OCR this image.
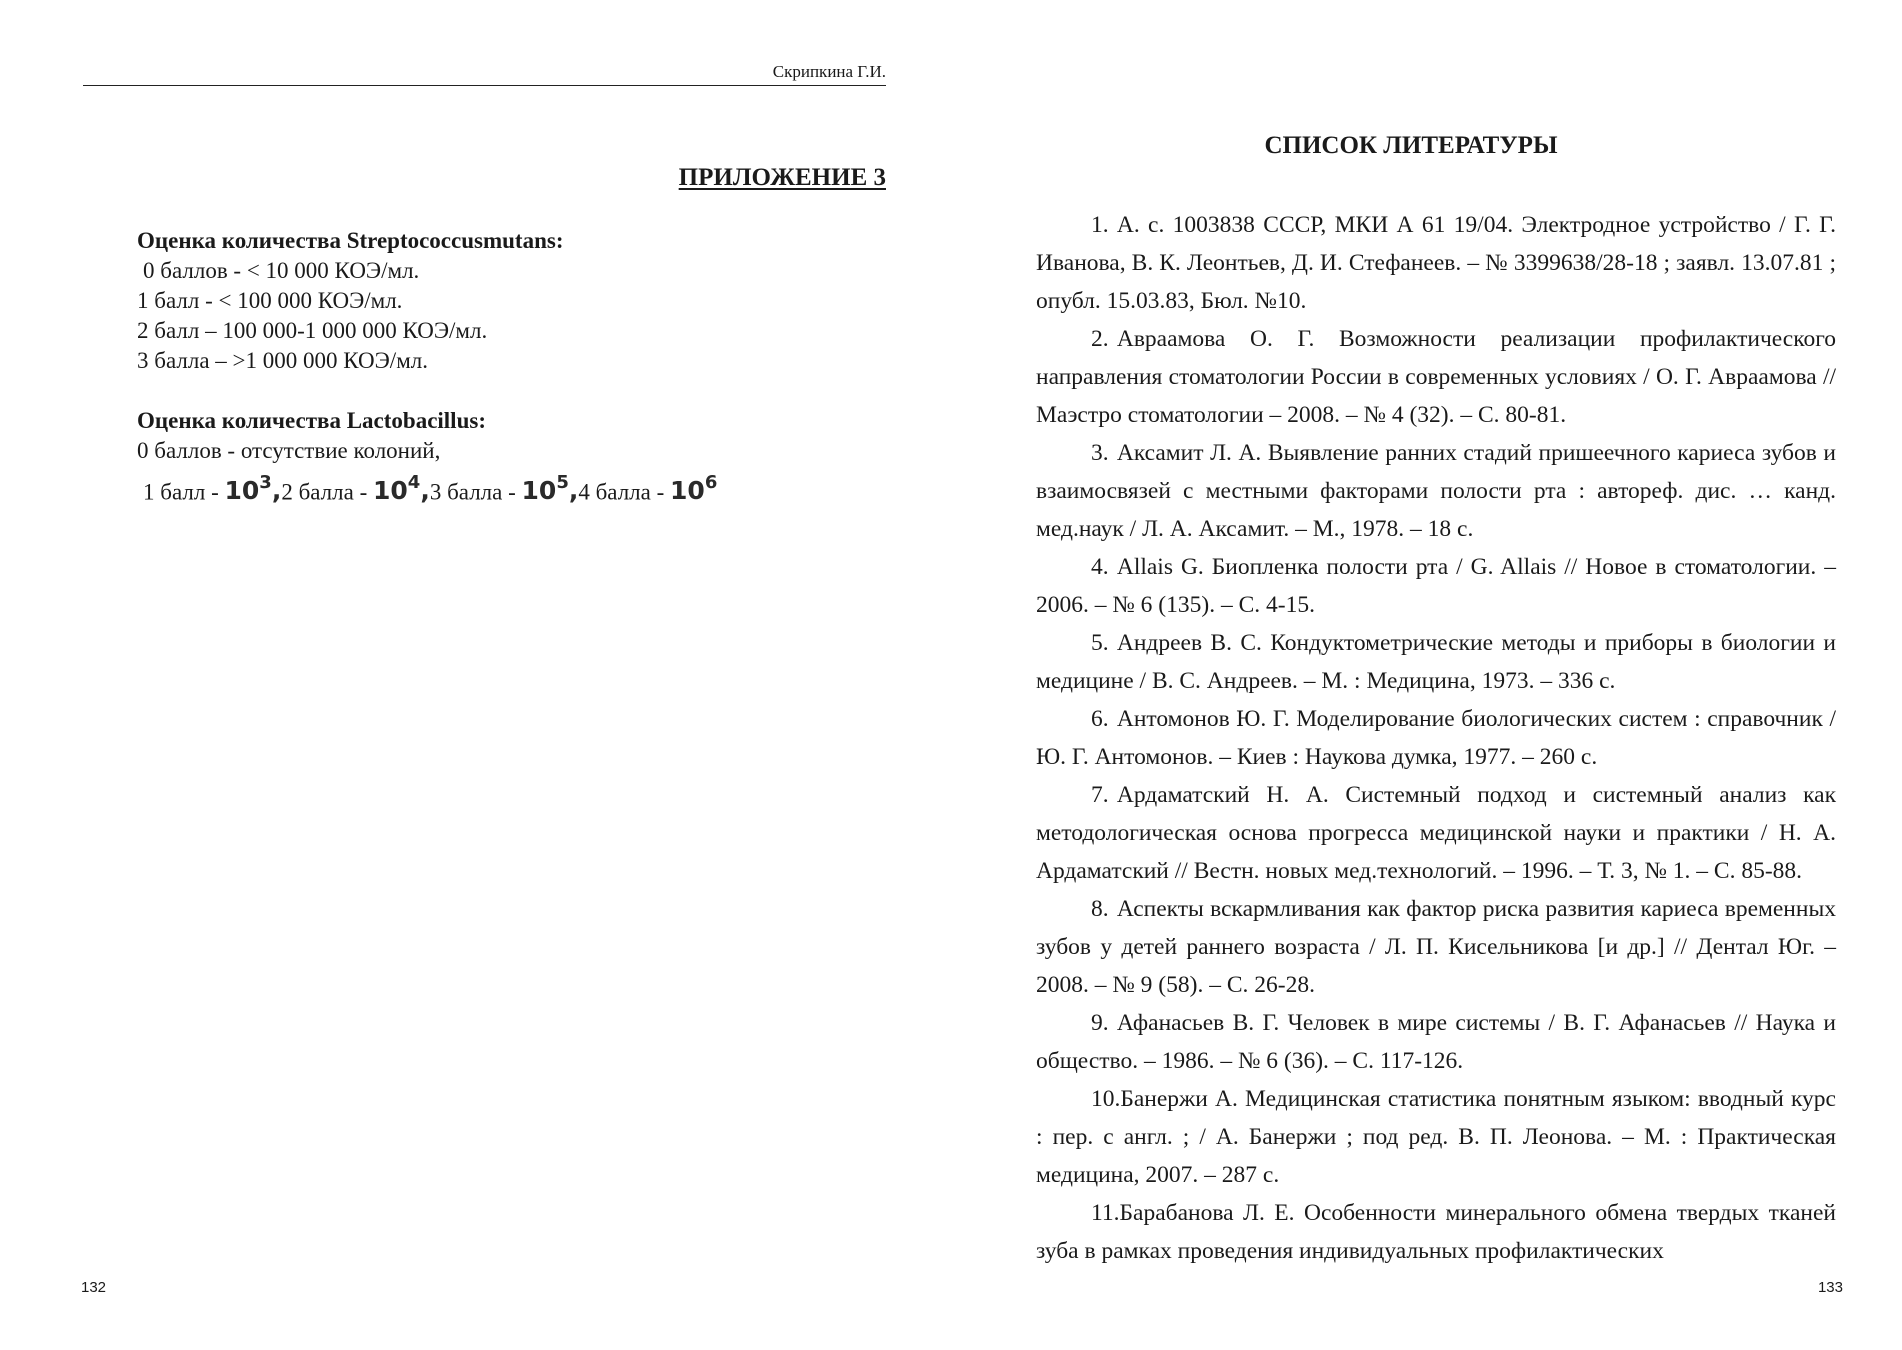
Скрипкина Г.И.
ПРИЛОЖЕНИЕ 3
Оценка количества Streptococcusmutans:
0 баллов - < 10 000 КОЭ/мл.
1 балл - < 100 000 КОЭ/мл.
2 балл – 100 000-1 000 000 КОЭ/мл.
3 балла – >1 000 000 КОЭ/мл.
Оценка количества Lactobacillus:
0 баллов - отсутствие колоний,
1 балл - $10^3,2$ балла - $10^4,3$ балла - $10^5,4$ балла - $10^6$
132
СПИСОК ЛИТЕРАТУРЫ

1. А. с. 1003838 СССР, МКИ А 61 19/04. Электродное устройство / Г. Г. Иванова, В. К. Леонтьев, Д. И. Стефанеев. – № 3399638/28-18 ; заявл. 13.07.81 ; опубл. 15.03.83, Бюл. №10.

2. Авраамова О. Г. Возможности реализации профилактического направления стоматологии России в современных условиях / О. Г. Авраамова // Маэстро стоматологии – 2008. – № 4 (32). – С. 80-81.

3. Аксамит Л. А. Выявление ранних стадий пришеечного кариеса зубов и взаимосвязей с местными факторами полости рта : автореф. дис. … канд. мед.наук / Л. А. Аксамит. – М., 1978. – 18 с.

4. Allais G. Биопленка полости рта / G. Allais // Новое в стоматологии. – 2006. – № 6 (135). – С. 4-15.

5. Андреев В. С. Кондуктометрические методы и приборы в биологии и медицине / В. С. Андреев. – М. : Медицина, 1973. – 336 с.

6. Антомонов Ю. Г. Моделирование биологических систем : справочник / Ю. Г. Антомонов. – Киев : Наукова думка, 1977. – 260 с.

7. Ардаматский Н. А. Системный подход и системный анализ как методологическая основа прогресса медицинской науки и практики / Н. А. Ардаматский // Вестн. новых мед.технологий. – 1996. – Т. 3, № 1. – С. 85-88.

8. Аспекты вскармливания как фактор риска развития кариеса временных зубов у детей раннего возраста / Л. П. Кисельникова [и др.] // Дентал Юг. – 2008. – № 9 (58). – С. 26-28.

9. Афанасьев В. Г. Человек в мире системы / В. Г. Афанасьев // Наука и общество. – 1986. – № 6 (36). – С. 117-126.

10.Банержи А. Медицинская статистика понятным языком: вводный курс : пер. с англ. ; / А. Банержи ; под ред. В. П. Леонова. – М. : Практическая медицина, 2007. – 287 с.

11.Барабанова Л. Е. Особенности минерального обмена твердых тканей зуба в рамках проведения индивидуальных профилактических

133
